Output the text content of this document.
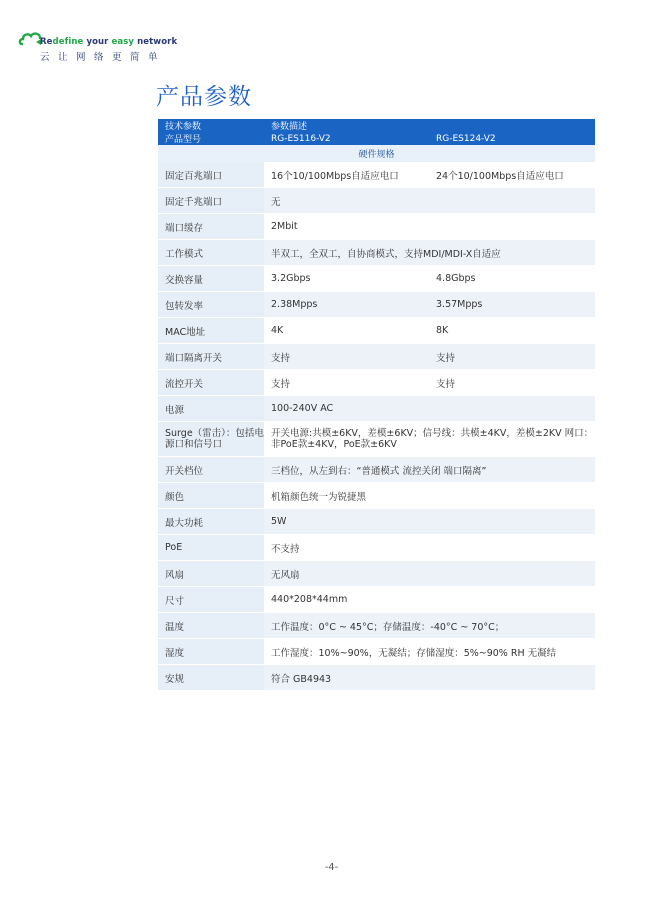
Redefine your easy network
云让网络更简单
产品参数
技术参数	参数描述	
产品型号	RG-ES116-V2	RG-ES124-V2
硬件规格		
固定百兆端口	16个10/100Mbps自适应电口	24个10/100Mbps自适应电口
固定千兆端口	无	
端口缓存	2Mbit	
工作模式	半双工，全双工，自协商模式，支持MDI/MDI-X自适应	
交换容量	3.2Gbps	4.8Gbps
包转发率	2.38Mpps	3.57Mpps
MAC地址	4K	8K
端口隔离开关	支持	支持
流控开关	支持	支持
电源	100-240V AC	
Surge（雷击）：包括电源口和信号口	开关电源:共模±6KV，差模±6KV；信号线：共模±4KV，差模±2KV 网口：非PoE款±4KV，PoE款±6KV	
开关档位	三档位，从左到右：“普通模式 流控关闭 端口隔离”	
颜色	机箱颜色统一为锐捷黑	
最大功耗	5W	
PoE	不支持	
风扇	无风扇	
尺寸	440*208*44mm	
温度	工作温度：0°C ~ 45°C；存储温度：-40°C ~ 70°C；	
湿度	工作湿度：10%~90%，无凝结；存储湿度：5%~90% RH 无凝结	
安规	符合 GB4943	
-4-
